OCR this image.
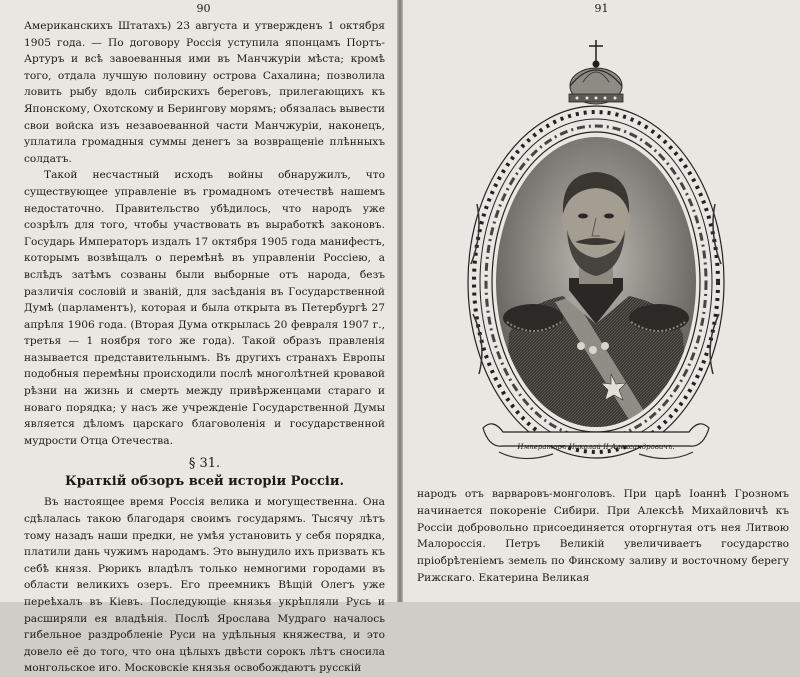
90

Американскихъ Штатахъ) 23 августа и утвержденъ 1 октября 1905 года. — По договору Россія уступила японцамъ Портъ-Артуръ и всѣ завоеванныя ими въ Манчжуріи мѣста; кромѣ того, отдала лучшую половину острова Сахалина; позволила ловить рыбу вдоль сибирскихъ береговъ, прилегающихъ къ Японскому, Охотскому и Берингову морямъ; обязалась вывести свои войска изъ незавоеванной части Манчжуріи, наконецъ, уплатила громадныя суммы денегъ за возвращеніе плѣнныхъ солдатъ.

Такой несчастный исходъ войны обнаружилъ, что существующее управленіе въ громадномъ отечествѣ нашемъ недостаточно. Правительство убѣдилось, что народъ уже созрѣлъ для того, чтобы участвовать въ выработкѣ законовъ. Государь Императоръ издалъ 17 октября 1905 года манифестъ, которымъ возвѣщалъ о перемѣнѣ въ управленіи Россіею, а вслѣдъ затѣмъ созваны были выборные отъ народа, безъ различія сословій и званій, для засѣданія въ Государственной Думѣ (парламентъ), которая и была открыта въ Петербургѣ 27 апрѣля 1906 года. (Вторая Дума открылась 20 февраля 1907 г., третья — 1 ноября того же года). Такой образъ правленія называется представительнымъ. Въ другихъ странахъ Европы подобныя перемѣны происходили послѣ многолѣтней кровавой рѣзни на жизнь и смерть между привѣрженцами стараго и новаго порядка; у насъ же учрежденіе Государственной Думы является дѣломъ царскаго благоволенія и государственной мудрости Отца Отечества.

§ 31.
Краткій обзоръ всей исторіи Россіи.

Въ настоящее время Россія велика и могущественна. Она сдѣлалась такою благодаря своимъ государямъ. Тысячу лѣтъ тому назадъ наши предки, не умѣя установить у себя порядка, платили дань чужимъ народамъ. Это вынудило ихъ призвать къ себѣ князя. Рюрикъ владѣлъ только немногими городами въ области великихъ озеръ. Его преемникъ Вѣщій Олегъ уже переѣхалъ въ Кіевъ. Последующіе князья укрѣпляли Русь и расширяли ея владѣнія. Послѣ Ярослава Мудраго началось гибельное раздробленіе Руси на удѣльныя княжества, и это довело её до того, что она цѣлыхъ двѣсти сорокъ лѣтъ сносила монгольское иго. Московскіе князья освобождаютъ русскій

91
Императоръ Николай II Александровичъ.

народъ отъ варваровъ-монголовъ. При царѣ Іоаннѣ Грозномъ начинается покореніе Сибири. При Алексѣѣ Михайловичѣ къ Россіи добровольно присоединяется оторгнутая отъ нея Литвою Малороссія. Петръ Великій увеличиваетъ государство пріобрѣтеніемъ земель по Финскому заливу и восточному берегу Рижскаго. Екатерина Великая
